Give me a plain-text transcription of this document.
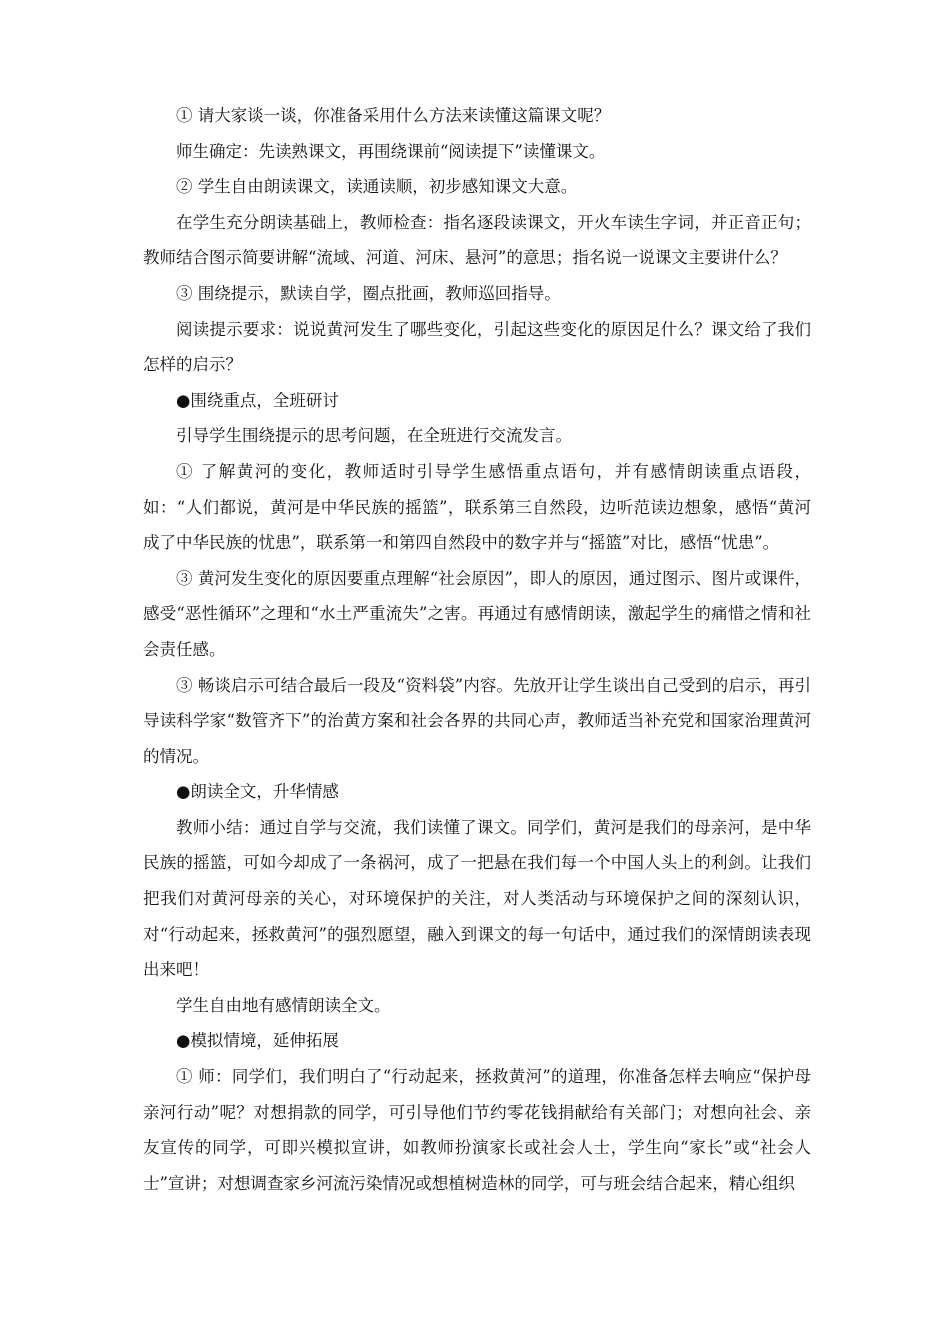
① 请大家谈一谈，你准备采用什么方法来读懂这篇课文呢？

师生确定：先读熟课文，再围绕课前“阅读提下”读懂课文。

② 学生自由朗读课文，读通读顺，初步感知课文大意。

在学生充分朗读基础上，教师检查：指名逐段读课文，开火车读生字词，并正音正句；教师结合图示简要讲解“流域、河道、河床、悬河”的意思；指名说一说课文主要讲什么？

③ 围绕提示，默读自学，圈点批画，教师巡回指导。

阅读提示要求：说说黄河发生了哪些变化，引起这些变化的原因足什么？课文给了我们怎样的启示？

●围绕重点，全班研讨

引导学生围绕提示的思考问题，在全班进行交流发言。

① 了解黄河的变化，教师适时引导学生感悟重点语句，并有感情朗读重点语段，如：“人们都说，黄河是中华民族的摇篮”，联系第三自然段，边听范读边想象，感悟“黄河成了中华民族的忧患”，联系第一和第四自然段中的数字并与“摇篮”对比，感悟“忧患”。

③ 黄河发生变化的原因要重点理解“社会原因”，即人的原因，通过图示、图片或课件，感受“恶性循环”之理和“水土严重流失”之害。再通过有感情朗读，激起学生的痛惜之情和社会责任感。

③ 畅谈启示可结合最后一段及“资料袋”内容。先放开让学生谈出自己受到的启示，再引导读科学家“数管齐下”的治黄方案和社会各界的共同心声，教师适当补充党和国家治理黄河的情况。

●朗读全文，升华情感

教师小结：通过自学与交流，我们读懂了课文。同学们，黄河是我们的母亲河，是中华民族的摇篮，可如今却成了一条祸河，成了一把悬在我们每一个中国人头上的利剑。让我们把我们对黄河母亲的关心，对环境保护的关注，对人类活动与环境保护之间的深刻认识，对“行动起来，拯救黄河”的强烈愿望，融入到课文的每一句话中，通过我们的深情朗读表现出来吧！

学生自由地有感情朗读全文。

●模拟情境，延伸拓展

① 师：同学们，我们明白了“行动起来，拯救黄河”的道理，你准备怎样去响应“保护母亲河行动”呢？对想捐款的同学，可引导他们节约零花钱捐献给有关部门；对想向社会、亲友宣传的同学，可即兴模拟宣讲，如教师扮演家长或社会人士，学生向“家长”或“社会人士”宣讲；对想调查家乡河流污染情况或想植树造林的同学，可与班会结合起来，精心组织
